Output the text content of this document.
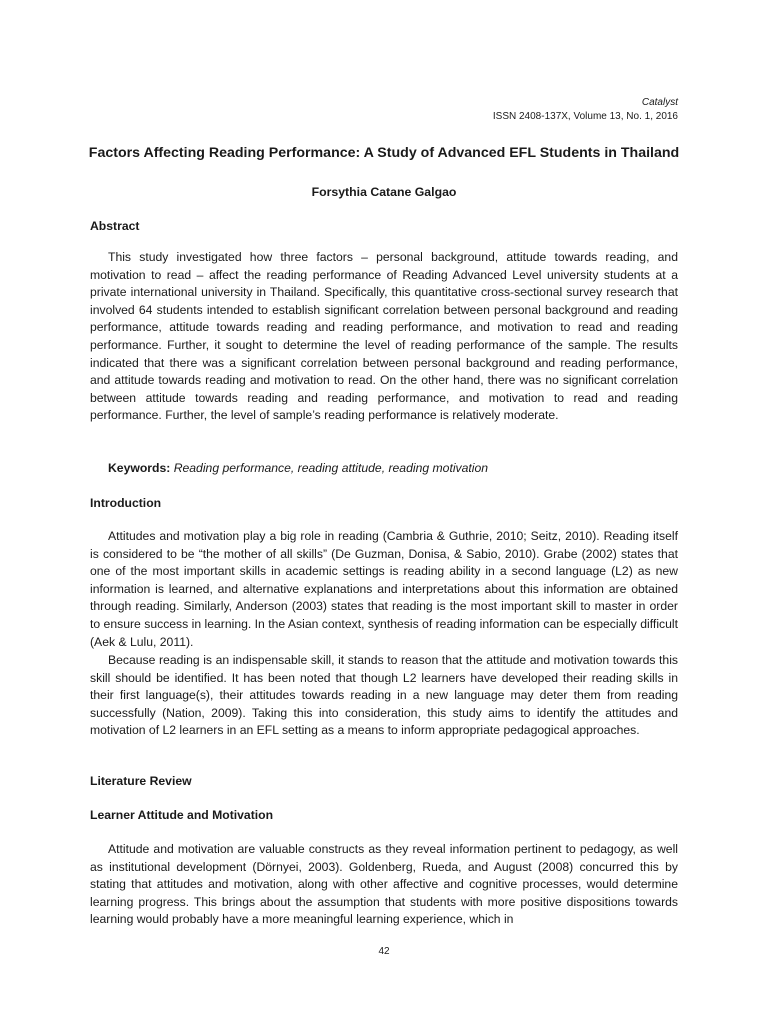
Catalyst
ISSN 2408-137X, Volume 13, No. 1, 2016
Factors Affecting Reading Performance: A Study of Advanced EFL Students in Thailand
Forsythia Catane Galgao
Abstract

This study investigated how three factors – personal background, attitude towards reading, and motivation to read – affect the reading performance of Reading Advanced Level university students at a private international university in Thailand. Specifically, this quantitative cross-sectional survey research that involved 64 students intended to establish significant correlation between personal background and reading performance, attitude towards reading and reading performance, and motivation to read and reading performance. Further, it sought to determine the level of reading performance of the sample. The results indicated that there was a significant correlation between personal background and reading performance, and attitude towards reading and motivation to read. On the other hand, there was no significant correlation between attitude towards reading and reading performance, and motivation to read and reading performance. Further, the level of sample’s reading performance is relatively moderate.

Keywords: Reading performance, reading attitude, reading motivation
Introduction

Attitudes and motivation play a big role in reading (Cambria & Guthrie, 2010; Seitz, 2010). Reading itself is considered to be “the mother of all skills” (De Guzman, Donisa, & Sabio, 2010). Grabe (2002) states that one of the most important skills in academic settings is reading ability in a second language (L2) as new information is learned, and alternative explanations and interpretations about this information are obtained through reading. Similarly, Anderson (2003) states that reading is the most important skill to master in order to ensure success in learning. In the Asian context, synthesis of reading information can be especially difficult (Aek & Lulu, 2011).

Because reading is an indispensable skill, it stands to reason that the attitude and motivation towards this skill should be identified. It has been noted that though L2 learners have developed their reading skills in their first language(s), their attitudes towards reading in a new language may deter them from reading successfully (Nation, 2009). Taking this into consideration, this study aims to identify the attitudes and motivation of L2 learners in an EFL setting as a means to inform appropriate pedagogical approaches.

Literature Review
Learner Attitude and Motivation

Attitude and motivation are valuable constructs as they reveal information pertinent to pedagogy, as well as institutional development (Dörnyei, 2003). Goldenberg, Rueda, and August (2008) concurred this by stating that attitudes and motivation, along with other affective and cognitive processes, would determine learning progress. This brings about the assumption that students with more positive dispositions towards learning would probably have a more meaningful learning experience, which in

42
